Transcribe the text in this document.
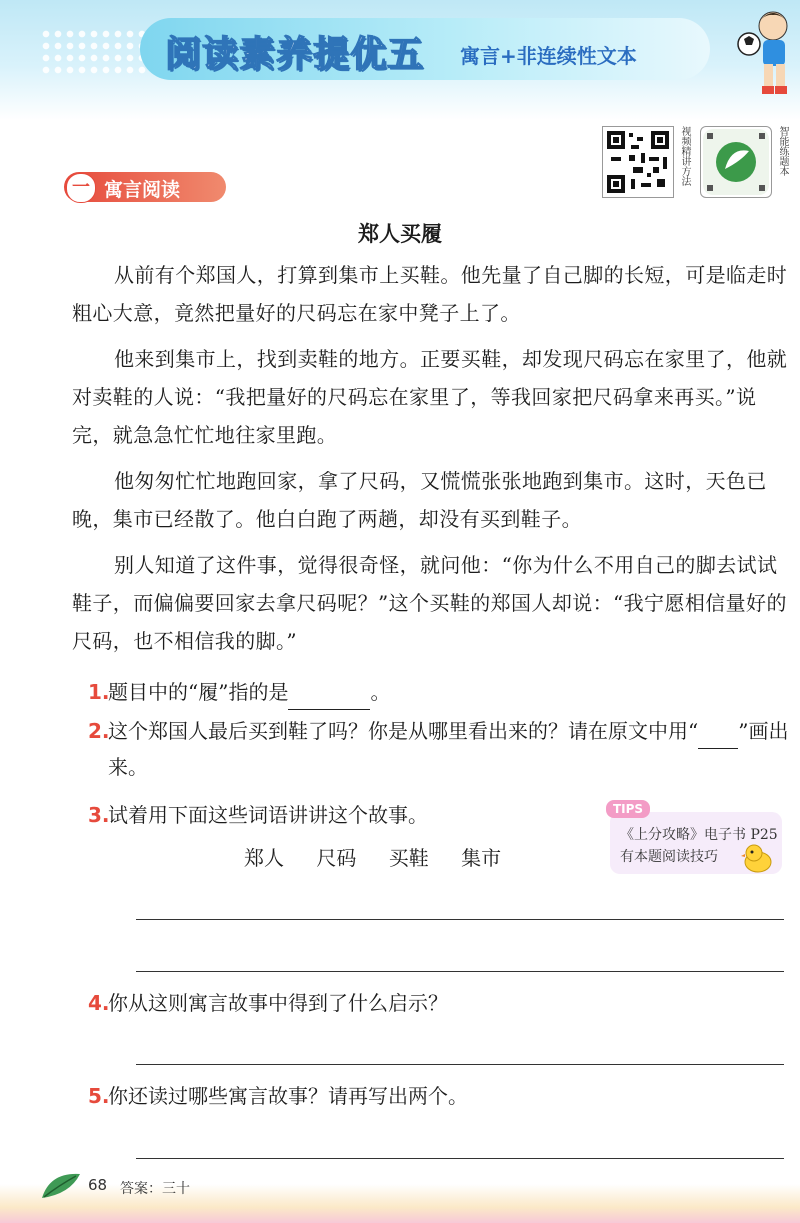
阅读素养提优五 寓言+非连续性文本
视频精讲方法	智能练题本
一 寓言阅读
郑人买履

从前有个郑国人，打算到集市上买鞋。他先量了自己脚的长短，可是临走时粗心大意，竟然把量好的尺码忘在家中凳子上了。

他来到集市上，找到卖鞋的地方。正要买鞋，却发现尺码忘在家里了，他就对卖鞋的人说：“我把量好的尺码忘在家里了，等我回家把尺码拿来再买。”说完，就急急忙忙地往家里跑。

他匆匆忙忙地跑回家，拿了尺码，又慌慌张张地跑到集市。这时，天色已晚，集市已经散了。他白白跑了两趟，却没有买到鞋子。

别人知道了这件事，觉得很奇怪，就问他：“你为什么不用自己的脚去试试鞋子，而偏偏要回家去拿尺码呢？”这个买鞋的郑国人却说：“我宁愿相信量好的尺码，也不相信我的脚。”

1.
题目中的“履”指的是	。
2.
这个郑国人最后买到鞋了吗？你是从哪里看出来的？请在原文中用“ ”画出来。
3.
试着用下面这些词语讲讲这个故事。
郑人 尺码 买鞋 集市
4.
你从这则寓言故事中得到了什么启示？
5.
你还读过哪些寓言故事？请再写出两个。
TIPS
《上分攻略》电子书 P25
有本题阅读技巧
68 答案：三十
